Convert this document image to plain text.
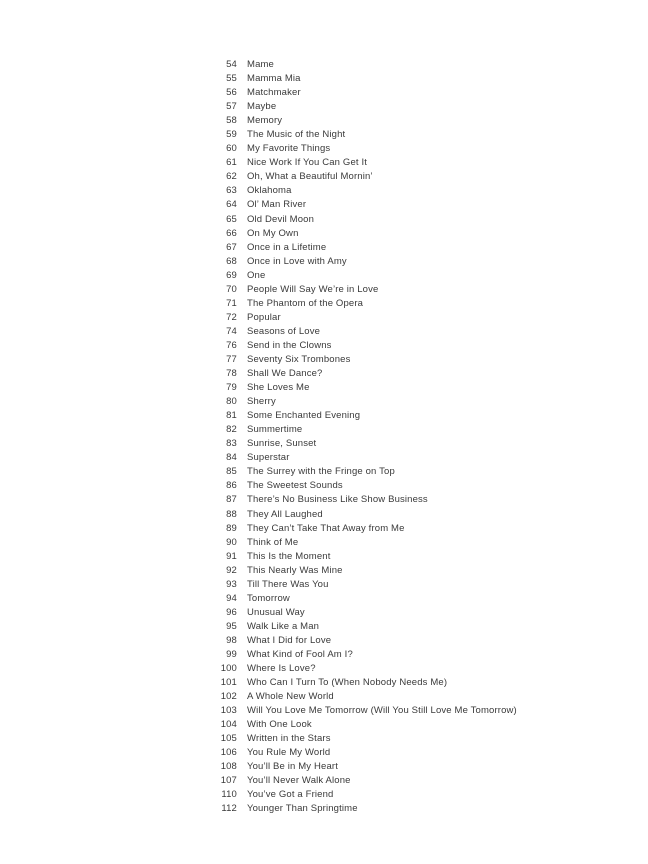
54	Mame
55	Mamma Mia
56	Matchmaker
57	Maybe
58	Memory
59	The Music of the Night
60	My Favorite Things
61	Nice Work If You Can Get It
62	Oh, What a Beautiful Mornin’
63	Oklahoma
64	Ol’ Man River
65	Old Devil Moon
66	On My Own
67	Once in a Lifetime
68	Once in Love with Amy
69	One
70	People Will Say We’re in Love
71	The Phantom of the Opera
72	Popular
74	Seasons of Love
76	Send in the Clowns
77	Seventy Six Trombones
78	Shall We Dance?
79	She Loves Me
80	Sherry
81	Some Enchanted Evening
82	Summertime
83	Sunrise, Sunset
84	Superstar
85	The Surrey with the Fringe on Top
86	The Sweetest Sounds
87	There’s No Business Like Show Business
88	They All Laughed
89	They Can’t Take That Away from Me
90	Think of Me
91	This Is the Moment
92	This Nearly Was Mine
93	Till There Was You
94	Tomorrow
96	Unusual Way
95	Walk Like a Man
98	What I Did for Love
99	What Kind of Fool Am I?
100	Where Is Love?
101	Who Can I Turn To (When Nobody Needs Me)
102	A Whole New World
103	Will You Love Me Tomorrow (Will You Still Love Me Tomorrow)
104	With One Look
105	Written in the Stars
106	You Rule My World
108	You’ll Be in My Heart
107	You’ll Never Walk Alone
110	You’ve Got a Friend
112	Younger Than Springtime
